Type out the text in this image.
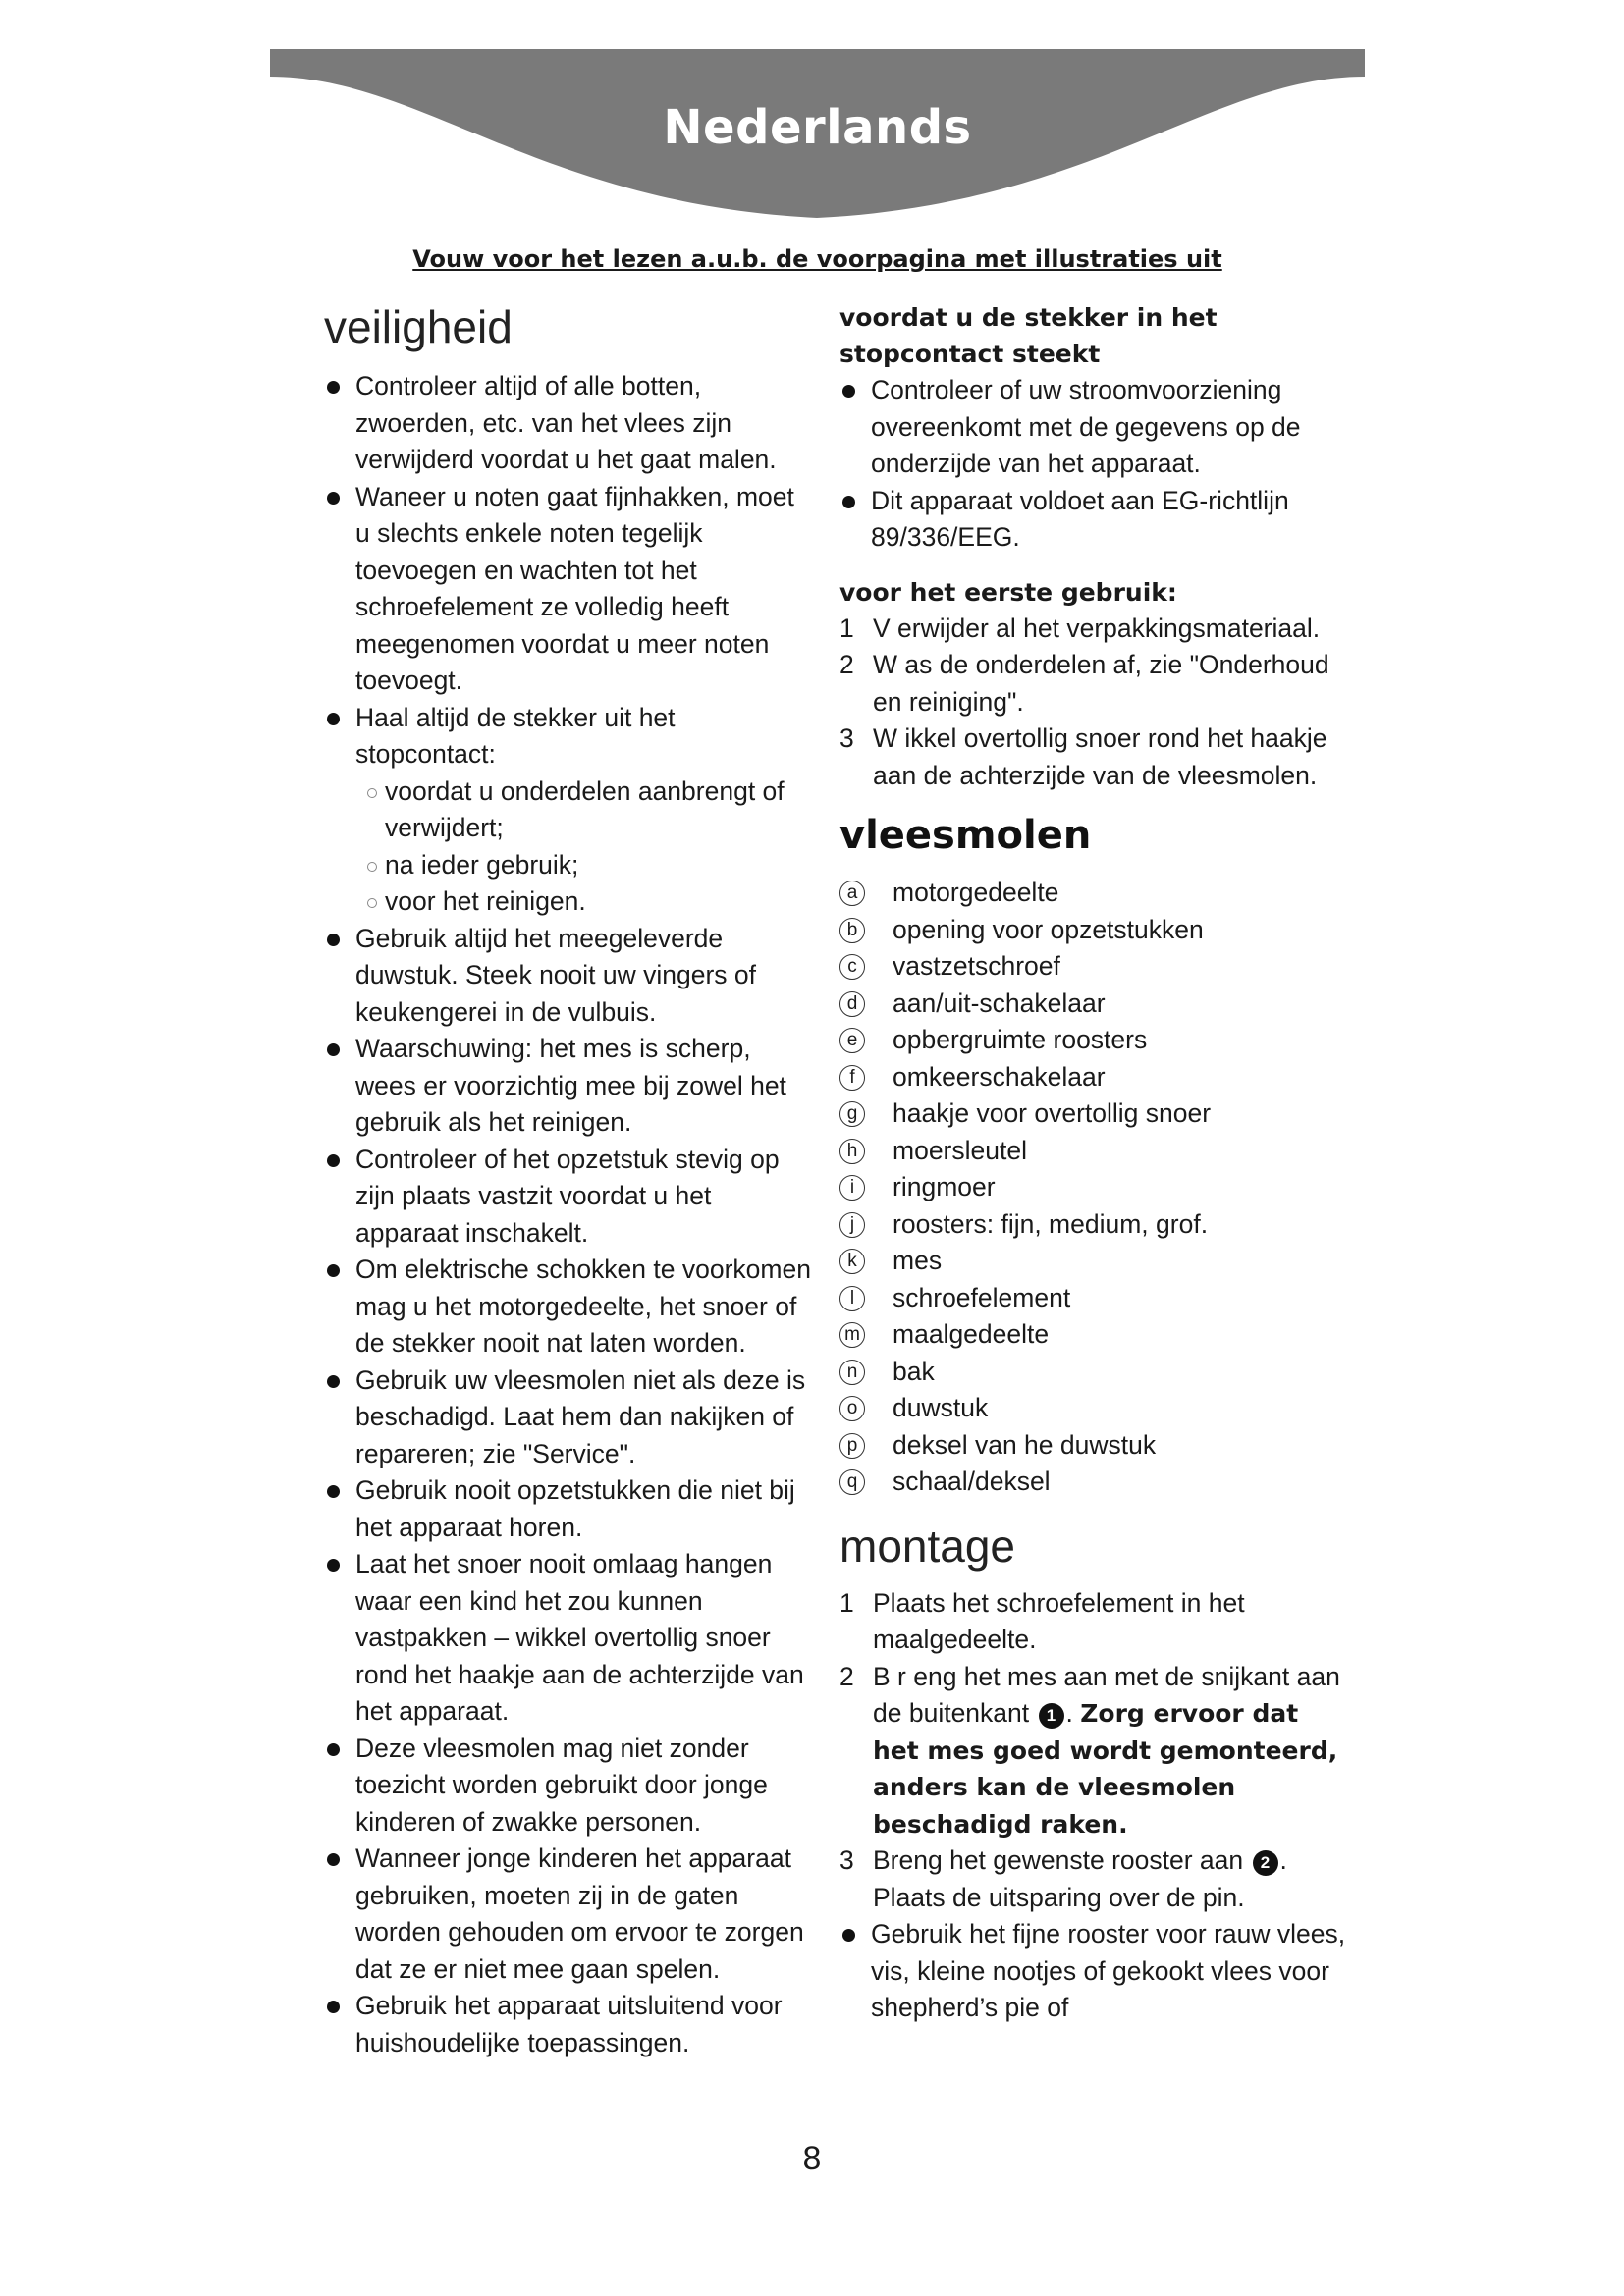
Nederlands
Vouw voor het lezen a.u.b. de voorpagina met illustraties uit
veiligheid
Controleer altijd of alle botten, zwoerden, etc. van het vlees zijn verwijderd voordat u het gaat malen.
Waneer u noten gaat fijnhakken, moet u slechts enkele noten tegelijk toevoegen en wachten tot het schroefelement ze volledig heeft meegenomen voordat u meer noten toevoegt.
Haal altijd de stekker uit het stopcontact:
voordat u onderdelen aanbrengt of verwijdert;
na ieder gebruik;
voor het reinigen.
Gebruik altijd het meegeleverde duwstuk. Steek nooit uw vingers of keukengerei in de vulbuis.
Waarschuwing: het mes is scherp, wees er voorzichtig mee bij zowel het gebruik als het reinigen.
Controleer of het opzetstuk stevig op zijn plaats vastzit voordat u het apparaat inschakelt.
Om elektrische schokken te voorkomen mag u het motorgedeelte, het snoer of de stekker nooit nat laten worden.
Gebruik uw vleesmolen niet als deze is beschadigd. Laat hem dan nakijken of repareren; zie "Service".
Gebruik nooit opzetstukken die niet bij het apparaat horen.
Laat het snoer nooit omlaag hangen waar een kind het zou kunnen vastpakken – wikkel overtollig snoer rond het haakje aan de achterzijde van het apparaat.
Deze vleesmolen mag niet zonder toezicht worden gebruikt door jonge kinderen of zwakke personen.
Wanneer jonge kinderen het apparaat gebruiken, moeten zij in de gaten worden gehouden om ervoor te zorgen dat ze er niet mee gaan spelen.
Gebruik het apparaat uitsluitend voor huishoudelijke toepassingen.
voordat u de stekker in het stopcontact steekt
Controleer of uw stroomvoorziening overeenkomt met de gegevens op de onderzijde van het apparaat.
Dit apparaat voldoet aan EG-richtlijn 89/336/EEG.
voor het eerste gebruik:
1 V erwijder al het verpakkingsmateriaal.
2 W as de onderdelen af, zie "Onderhoud en reiniging".
3 W ikkel overtollig snoer rond het haakje aan de achterzijde van de vleesmolen.
vleesmolen
a motorgedeelte
b opening voor opzetstukken
c	vastzetschroef
d aan/uit-schakelaar
e opbergruimte roosters
f	omkeerschakelaar
g haakje voor overtollig snoer
h moersleutel
i	ringmoer
j	roosters: fijn, medium, grof.
k	mes
l	schroefelement
m maalgedeelte
n bak
o duwstuk
p deksel van he duwstuk
q schaal/deksel
montage
1 Plaats het schroefelement in het maalgedeelte.
2 B r eng het mes aan met de snijkant aan de buitenkant 1 . Zorg ervoor dat het mes goed wordt gemonteerd, anders kan de vleesmolen beschadigd raken.
3 Breng het gewenste rooster aan 2 . Plaats de uitsparing over de pin.
Gebruik het fijne rooster voor rauw vlees, vis, kleine nootjes of gekookt vlees voor shepherd’s pie of
8
